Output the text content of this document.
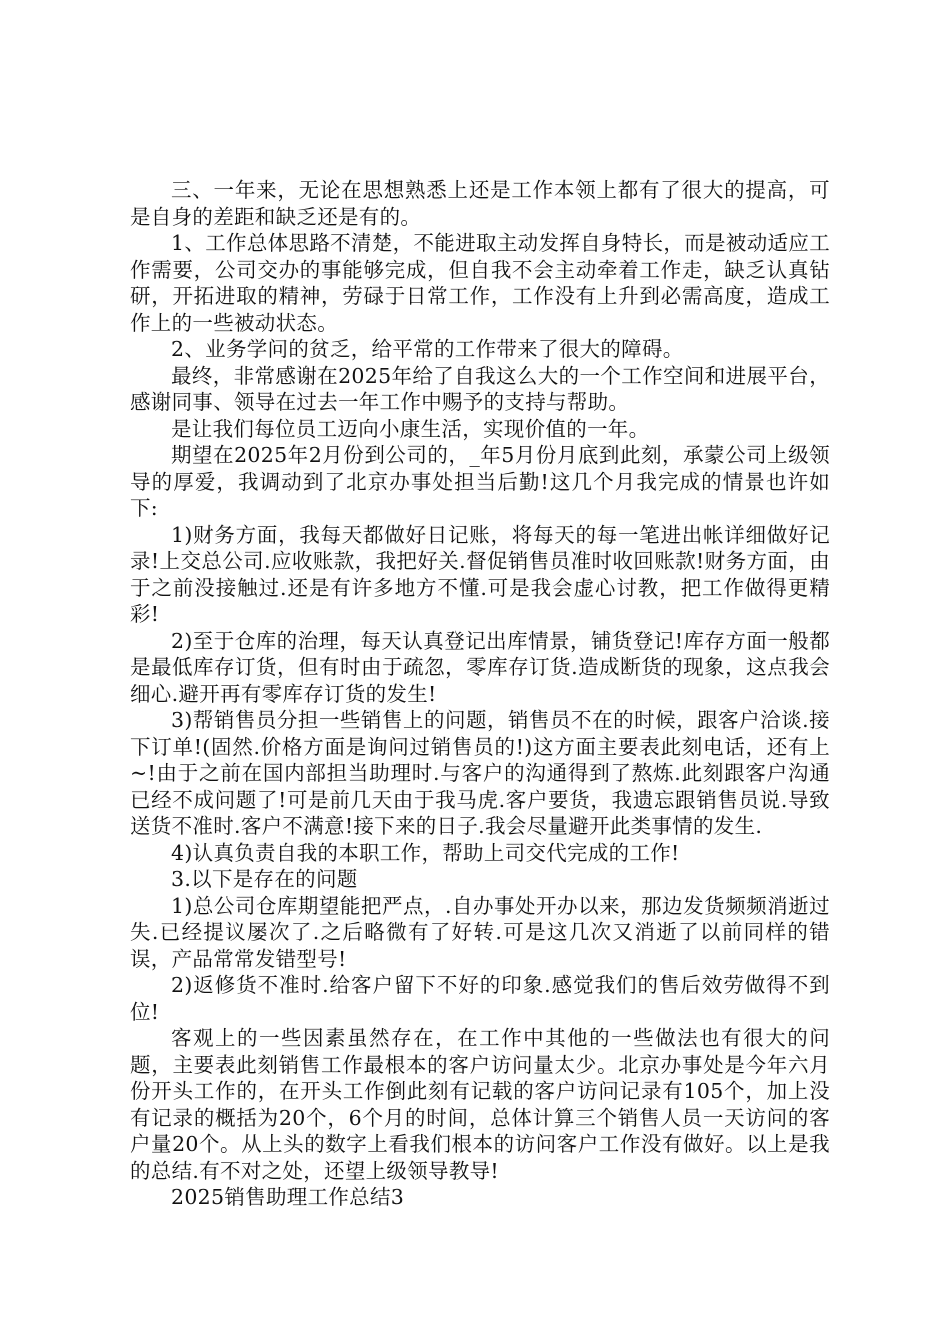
三、一年来，无论在思想熟悉上还是工作本领上都有了很大的提高，可是自身的差距和缺乏还是有的。

1、工作总体思路不清楚，不能进取主动发挥自身特长，而是被动适应工作需要，公司交办的事能够完成，但自我不会主动牵着工作走，缺乏认真钻研，开拓进取的精神，劳碌于日常工作，工作没有上升到必需高度，造成工作上的一些被动状态。

2、业务学问的贫乏，给平常的工作带来了很大的障碍。

最终，非常感谢在2025年给了自我这么大的一个工作空间和进展平台，感谢同事、领导在过去一年工作中赐予的支持与帮助。

是让我们每位员工迈向小康生活，实现价值的一年。

期望在2025年2月份到公司的，_年5月份月底到此刻，承蒙公司上级领导的厚爱，我调动到了北京办事处担当后勤!这几个月我完成的情景也许如下:

1)财务方面，我每天都做好日记账，将每天的每一笔进出帐详细做好记录!上交总公司.应收账款，我把好关.督促销售员准时收回账款!财务方面，由于之前没接触过.还是有许多地方不懂.可是我会虚心讨教，把工作做得更精彩!

2)至于仓库的治理，每天认真登记出库情景，铺货登记!库存方面一般都是最低库存订货，但有时由于疏忽，零库存订货.造成断货的现象，这点我会细心.避开再有零库存订货的发生!

3)帮销售员分担一些销售上的问题，销售员不在的时候，跟客户洽谈.接下订单!(固然.价格方面是询问过销售员的!)这方面主要表此刻电话，还有上~!由于之前在国内部担当助理时.与客户的沟通得到了熬炼.此刻跟客户沟通已经不成问题了!可是前几天由于我马虎.客户要货，我遗忘跟销售员说.导致送货不准时.客户不满意!接下来的日子.我会尽量避开此类事情的发生.

4)认真负责自我的本职工作，帮助上司交代完成的工作!

3.以下是存在的问题

1)总公司仓库期望能把严点，.自办事处开办以来，那边发货频频消逝过失.已经提议屡次了.之后略微有了好转.可是这几次又消逝了以前同样的错误，产品常常发错型号!

2)返修货不准时.给客户留下不好的印象.感觉我们的售后效劳做得不到位!

客观上的一些因素虽然存在，在工作中其他的一些做法也有很大的问题，主要表此刻销售工作最根本的客户访问量太少。北京办事处是今年六月份开头工作的，在开头工作倒此刻有记载的客户访问记录有105个，加上没有记录的概括为20个，6个月的时间，总体计算三个销售人员一天访问的客户量20个。从上头的数字上看我们根本的访问客户工作没有做好。以上是我的总结.有不对之处，还望上级领导教导!

2025销售助理工作总结3
